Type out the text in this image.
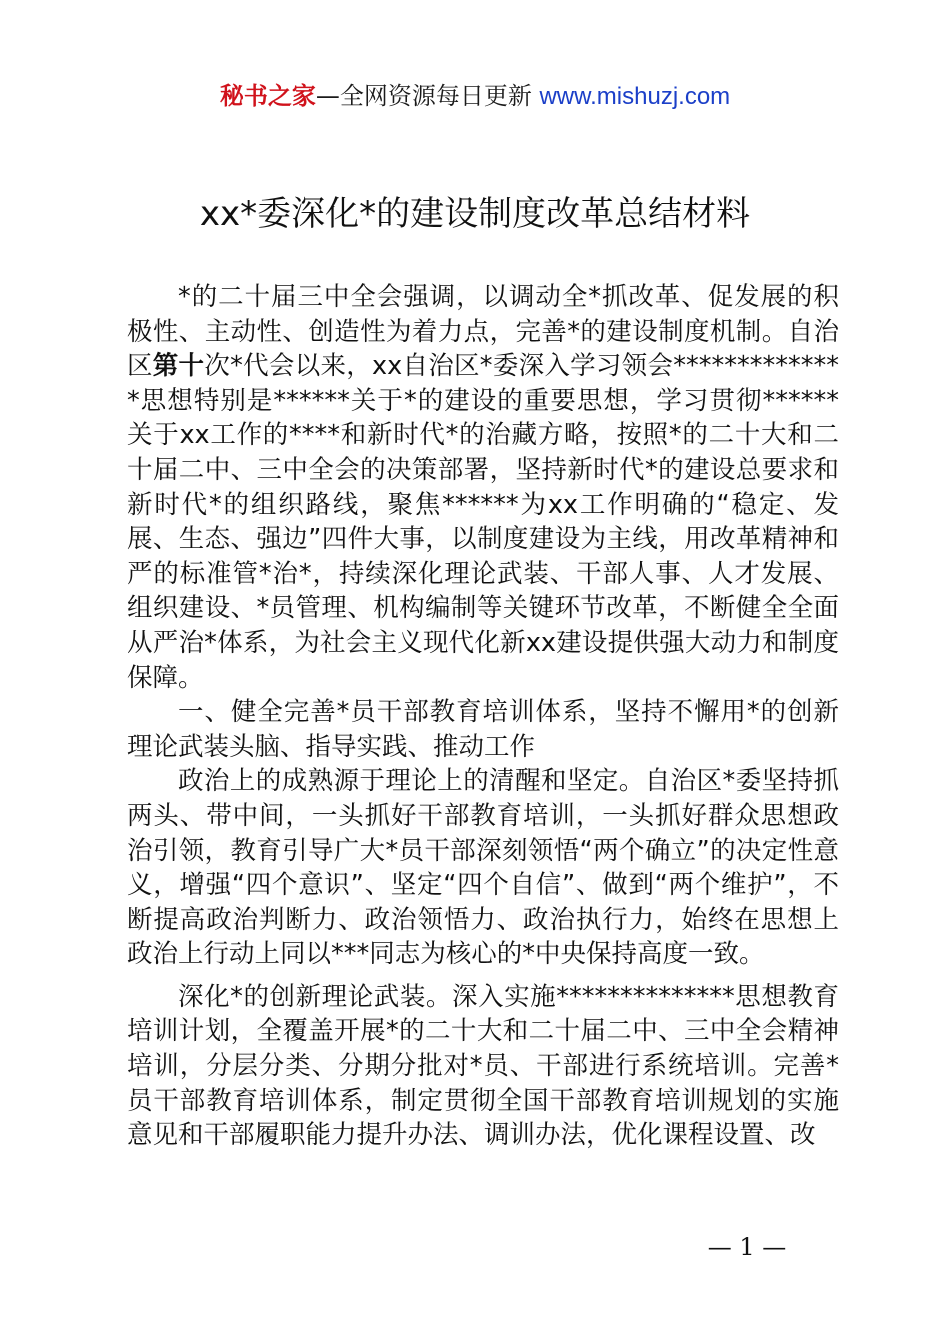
秘书之家—全网资源每日更新 www.mishuzj.com
xx*委深化*的建设制度改革总结材料

*的二十届三中全会强调，以调动全*抓改革、促发展的积极性、主动性、创造性为着力点，完善*的建设制度机制。自治区第十次*代会以来，xx自治区*委深入学习领会**************思想特别是******关于*的建设的重要思想，学习贯彻******关于xx工作的****和新时代*的治藏方略，按照*的二十大和二十届二中、三中全会的决策部署，坚持新时代*的建设总要求和新时代*的组织路线，聚焦******为xx工作明确的“稳定、发展、生态、强边”四件大事，以制度建设为主线，用改革精神和严的标准管*治*，持续深化理论武装、干部人事、人才发展、组织建设、*员管理、机构编制等关键环节改革，不断健全全面从严治*体系，为社会主义现代化新xx建设提供强大动力和制度保障。

一、健全完善*员干部教育培训体系，坚持不懈用*的创新理论武装头脑、指导实践、推动工作

政治上的成熟源于理论上的清醒和坚定。自治区*委坚持抓两头、带中间，一头抓好干部教育培训，一头抓好群众思想政治引领，教育引导广大*员干部深刻领悟“两个确立”的决定性意义，增强“四个意识”、坚定“四个自信”、做到“两个维护”，不断提高政治判断力、政治领悟力、政治执行力，始终在思想上政治上行动上同以***同志为核心的*中央保持高度一致。

深化*的创新理论武装。深入实施**************思想教育培训计划，全覆盖开展*的二十大和二十届二中、三中全会精神培训，分层分类、分期分批对*员、干部进行系统培训。完善*员干部教育培训体系，制定贯彻全国干部教育培训规划的实施意见和干部履职能力提升办法、调训办法，优化课程设置、改

— 1 —
